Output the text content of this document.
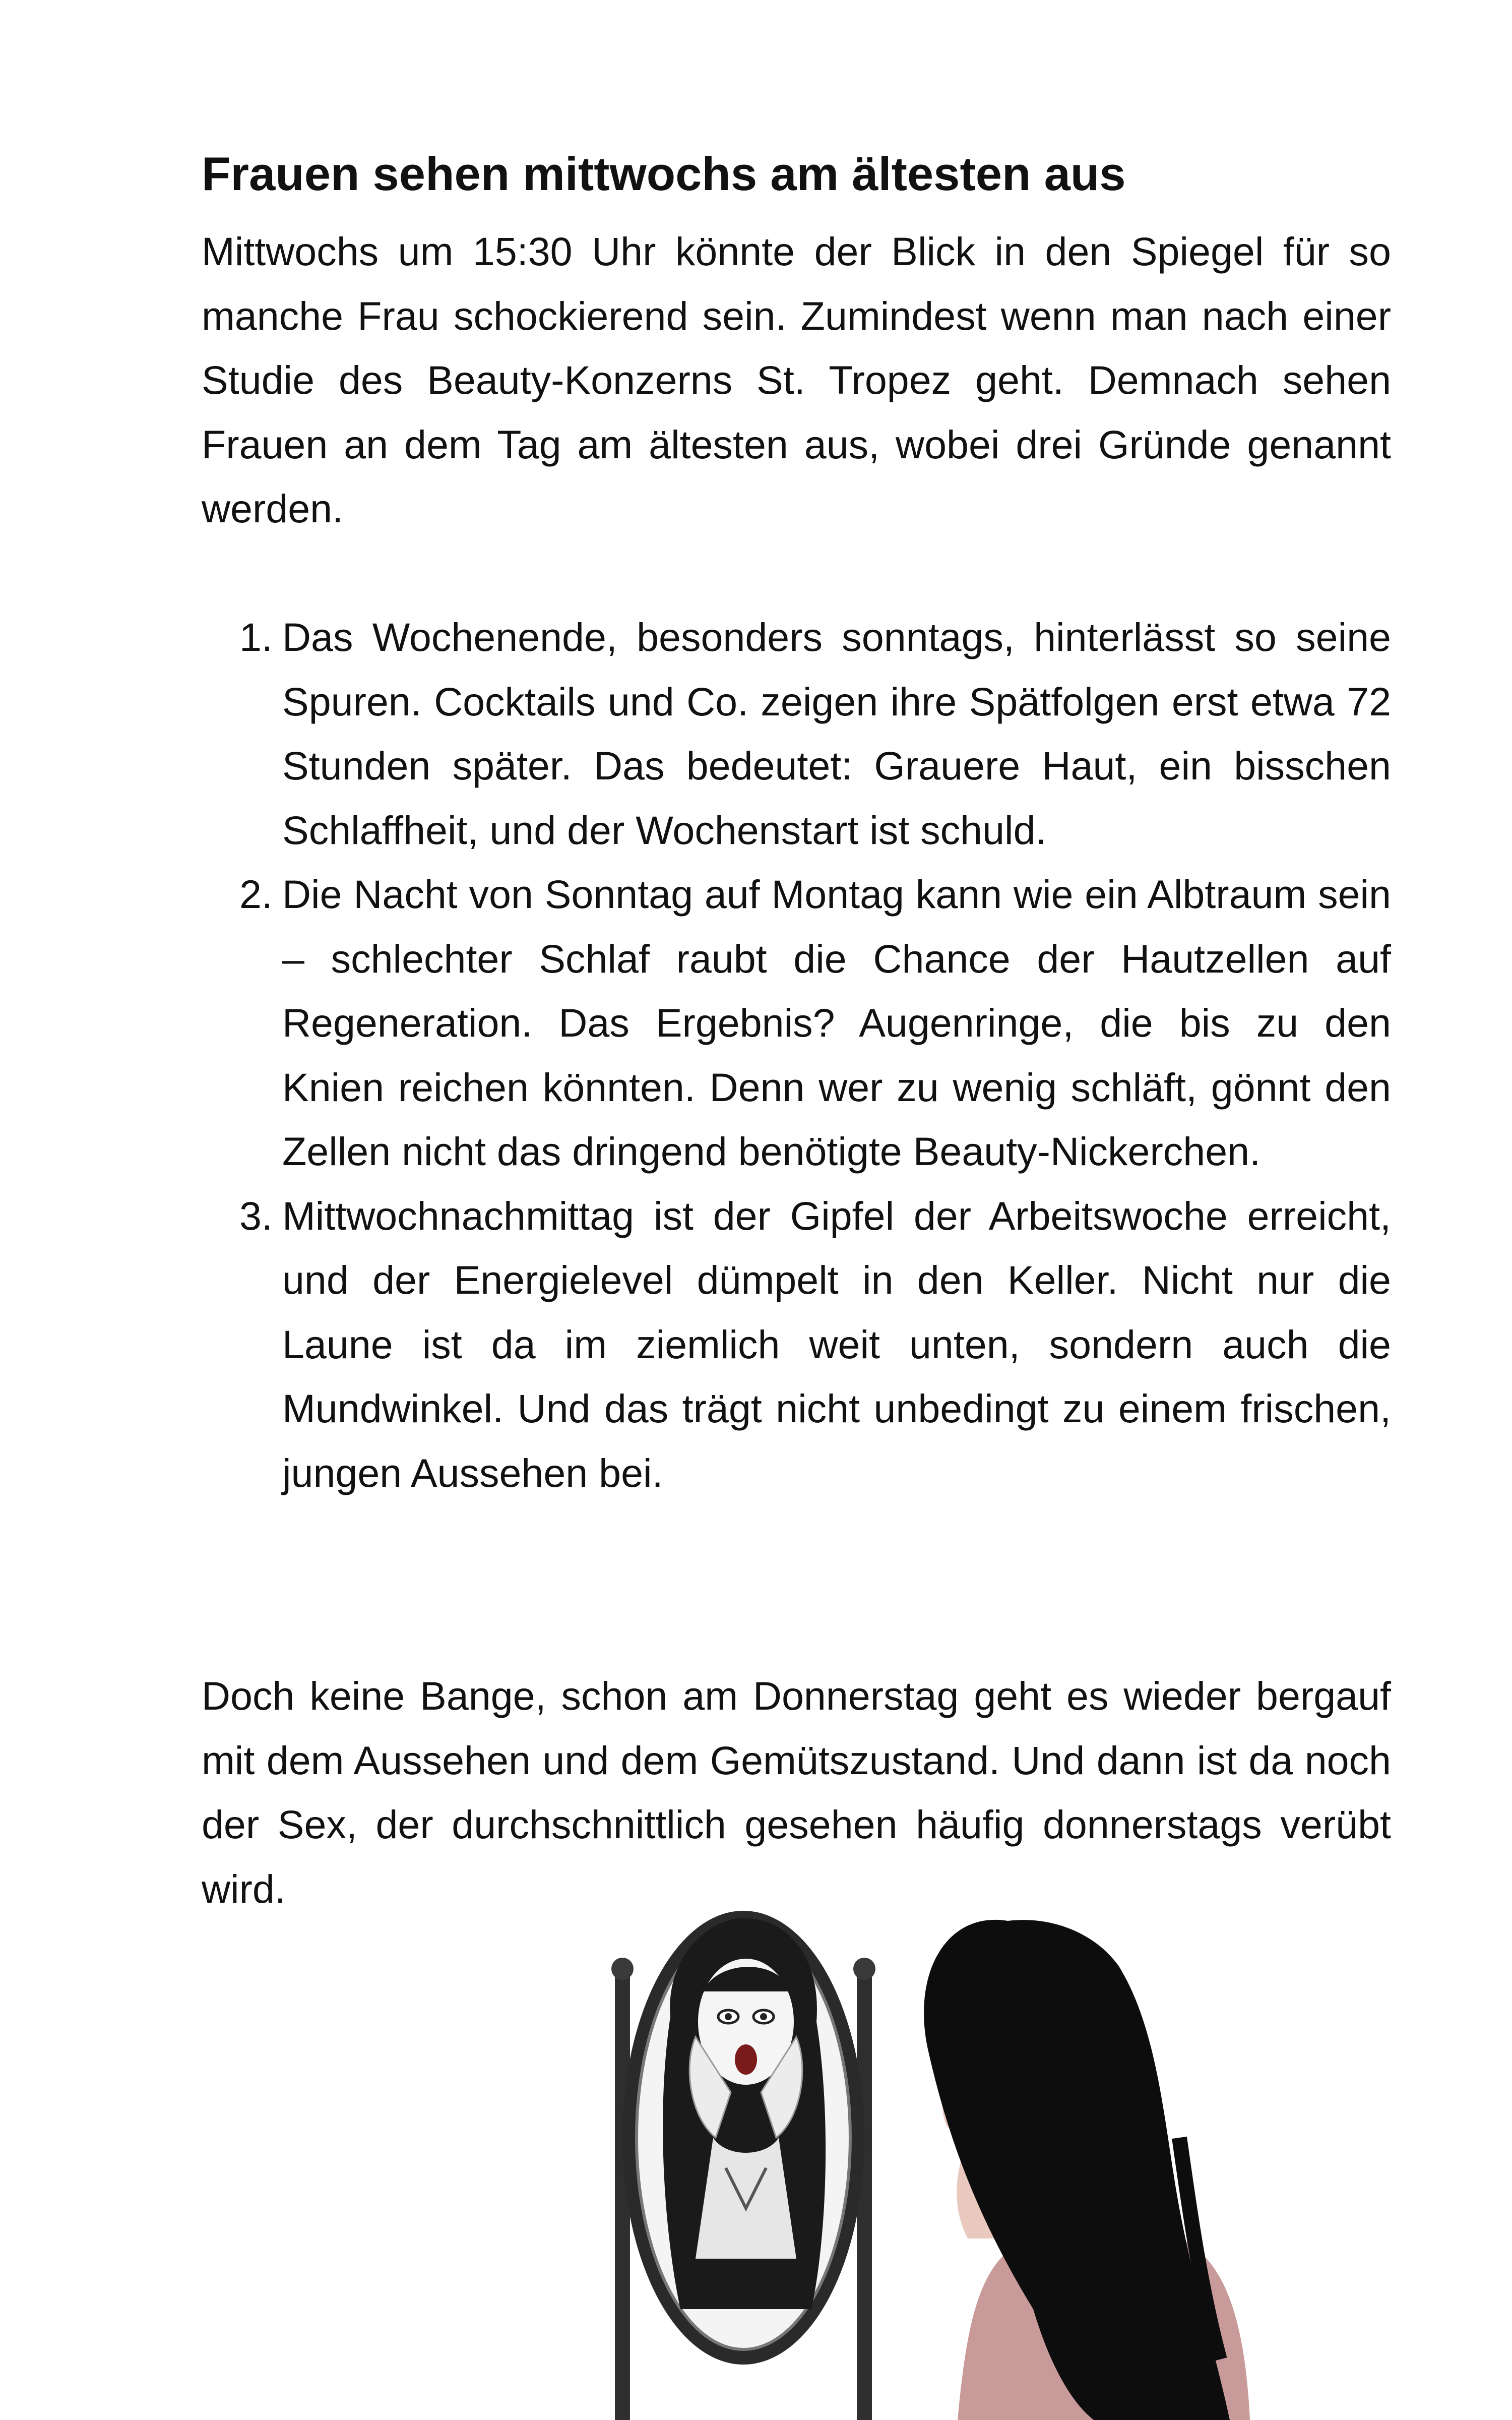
Frauen sehen mittwochs am ältesten aus

Mittwochs um 15:30 Uhr könnte der Blick in den Spiegel für so manche Frau schockierend sein. Zumindest wenn man nach einer Studie des Beauty-Konzerns St. Tropez geht. Demnach sehen Frauen an dem Tag am ältesten aus, wobei drei Gründe genannt werden.

1. Das Wochenende, besonders sonntags, hinterlässt so seine Spuren. Cocktails und Co. zeigen ihre Spätfolgen erst etwa 72 Stunden später. Das bedeutet: Grauere Haut, ein bisschen Schlaffheit, und der Wochenstart ist schuld.
2. Die Nacht von Sonntag auf Montag kann wie ein Albtraum sein – schlechter Schlaf raubt die Chance der Hautzellen auf Regeneration. Das Ergebnis? Augenringe, die bis zu den Knien reichen könnten. Denn wer zu wenig schläft, gönnt den Zellen nicht das dringend benötigte Beauty-Nickerchen.
3. Mittwochnachmittag ist der Gipfel der Arbeitswoche erreicht, und der Energielevel dümpelt in den Keller. Nicht nur die Laune ist da im ziemlich weit unten, sondern auch die Mundwinkel. Und das trägt nicht unbedingt zu einem frischen, jungen Aussehen bei.

Doch keine Bange, schon am Donnerstag geht es wieder bergauf mit dem Aussehen und dem Gemütszustand. Und dann ist da noch der Sex, der durchschnittlich gesehen häufig donnerstags verübt wird.
